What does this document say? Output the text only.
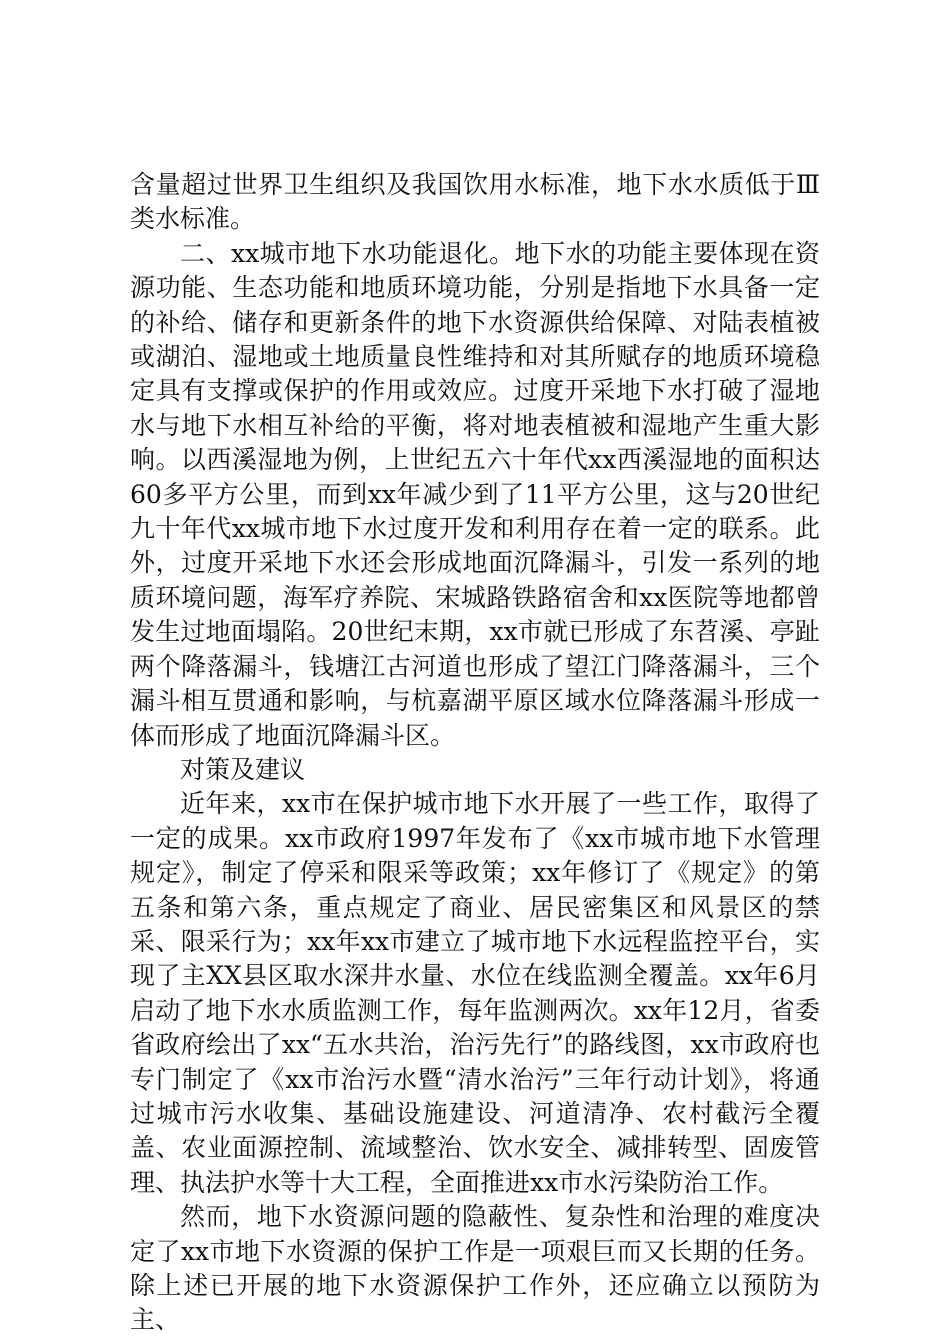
含量超过世界卫生组织及我国饮用水标准，地下水水质低于Ⅲ类水标准。

二、xx城市地下水功能退化。地下水的功能主要体现在资源功能、生态功能和地质环境功能，分别是指地下水具备一定的补给、储存和更新条件的地下水资源供给保障、对陆表植被或湖泊、湿地或土地质量良性维持和对其所赋存的地质环境稳定具有支撑或保护的作用或效应。过度开采地下水打破了湿地水与地下水相互补给的平衡，将对地表植被和湿地产生重大影响。以西溪湿地为例，上世纪五六十年代xx西溪湿地的面积达60多平方公里，而到xx年减少到了11平方公里，这与20世纪九十年代xx城市地下水过度开发和利用存在着一定的联系。此外，过度开采地下水还会形成地面沉降漏斗，引发一系列的地质环境问题，海军疗养院、宋城路铁路宿舍和xx医院等地都曾发生过地面塌陷。20世纪末期，xx市就已形成了东苕溪、亭趾两个降落漏斗，钱塘江古河道也形成了望江门降落漏斗，三个漏斗相互贯通和影响，与杭嘉湖平原区域水位降落漏斗形成一体而形成了地面沉降漏斗区。

对策及建议

近年来，xx市在保护城市地下水开展了一些工作，取得了一定的成果。xx市政府1997年发布了《xx市城市地下水管理规定》，制定了停采和限采等政策；xx年修订了《规定》的第五条和第六条，重点规定了商业、居民密集区和风景区的禁采、限采行为；xx年xx市建立了城市地下水远程监控平台，实现了主XX县区取水深井水量、水位在线监测全覆盖。xx年6月启动了地下水水质监测工作，每年监测两次。xx年12月，省委省政府绘出了xx“五水共治，治污先行”的路线图，xx市政府也专门制定了《xx市治污水暨“清水治污”三年行动计划》，将通过城市污水收集、基础设施建设、河道清净、农村截污全覆盖、农业面源控制、流域整治、饮水安全、减排转型、固废管理、执法护水等十大工程，全面推进xx市水污染防治工作。

然而，地下水资源问题的隐蔽性、复杂性和治理的难度决定了xx市地下水资源的保护工作是一项艰巨而又长期的任务。除上述已开展的地下水资源保护工作外，还应确立以预防为主、
